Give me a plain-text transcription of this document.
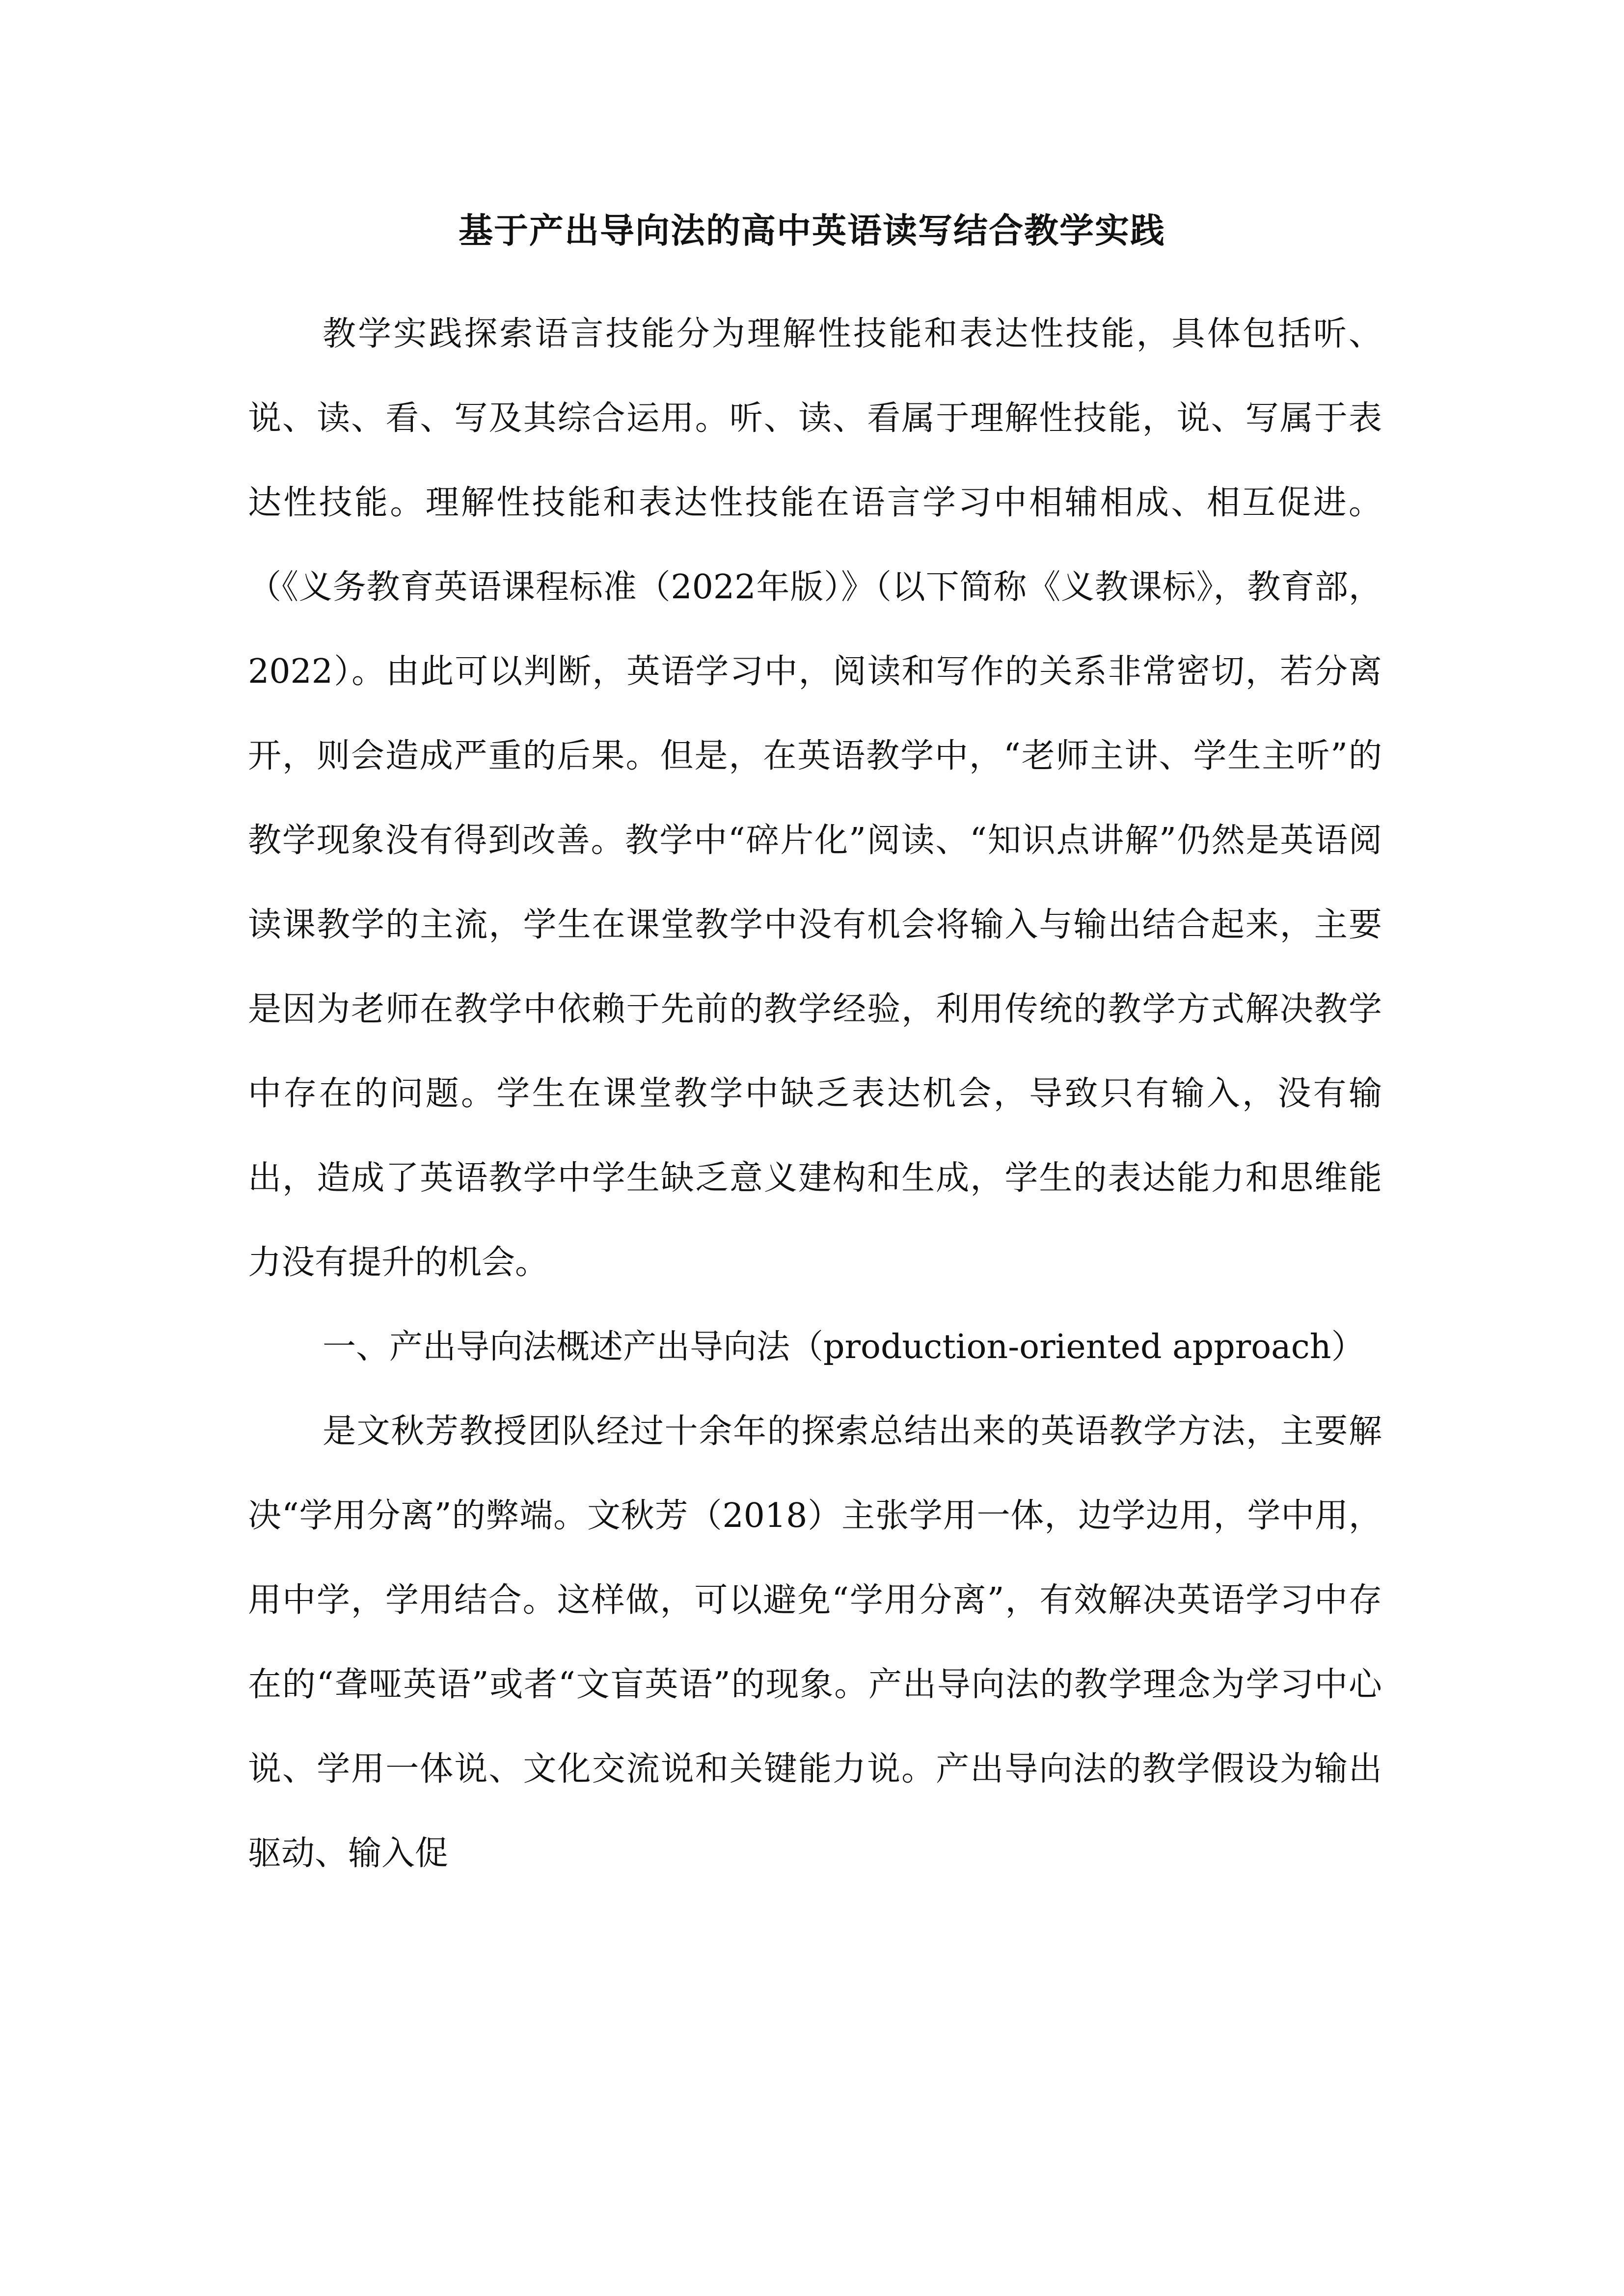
基于产出导向法的高中英语读写结合教学实践

教学实践探索语言技能分为理解性技能和表达性技能，具体包括听、说、读、看、写及其综合运用。听、读、看属于理解性技能，说、写属于表达性技能。理解性技能和表达性技能在语言学习中相辅相成、相互促进。（《义务教育英语课程标准（2022年版）》（以下简称《义教课标》，教育部，2022）。由此可以判断，英语学习中，阅读和写作的关系非常密切，若分离开，则会造成严重的后果。但是，在英语教学中，“老师主讲、学生主听”的教学现象没有得到改善。教学中“碎片化”阅读、“知识点讲解”仍然是英语阅读课教学的主流，学生在课堂教学中没有机会将输入与输出结合起来，主要是因为老师在教学中依赖于先前的教学经验，利用传统的教学方式解决教学中存在的问题。学生在课堂教学中缺乏表达机会，导致只有输入，没有输出，造成了英语教学中学生缺乏意义建构和生成，学生的表达能力和思维能力没有提升的机会。

一、产出导向法概述产出导向法（production-oriented approach）

是文秋芳教授团队经过十余年的探索总结出来的英语教学方法，主要解决“学用分离”的弊端。文秋芳（2018）主张学用一体，边学边用，学中用，用中学，学用结合。这样做，可以避免“学用分离”，有效解决英语学习中存在的“聋哑英语”或者“文盲英语”的现象。产出导向法的教学理念为学习中心说、学用一体说、文化交流说和关键能力说。产出导向法的教学假设为输出驱动、输入促
